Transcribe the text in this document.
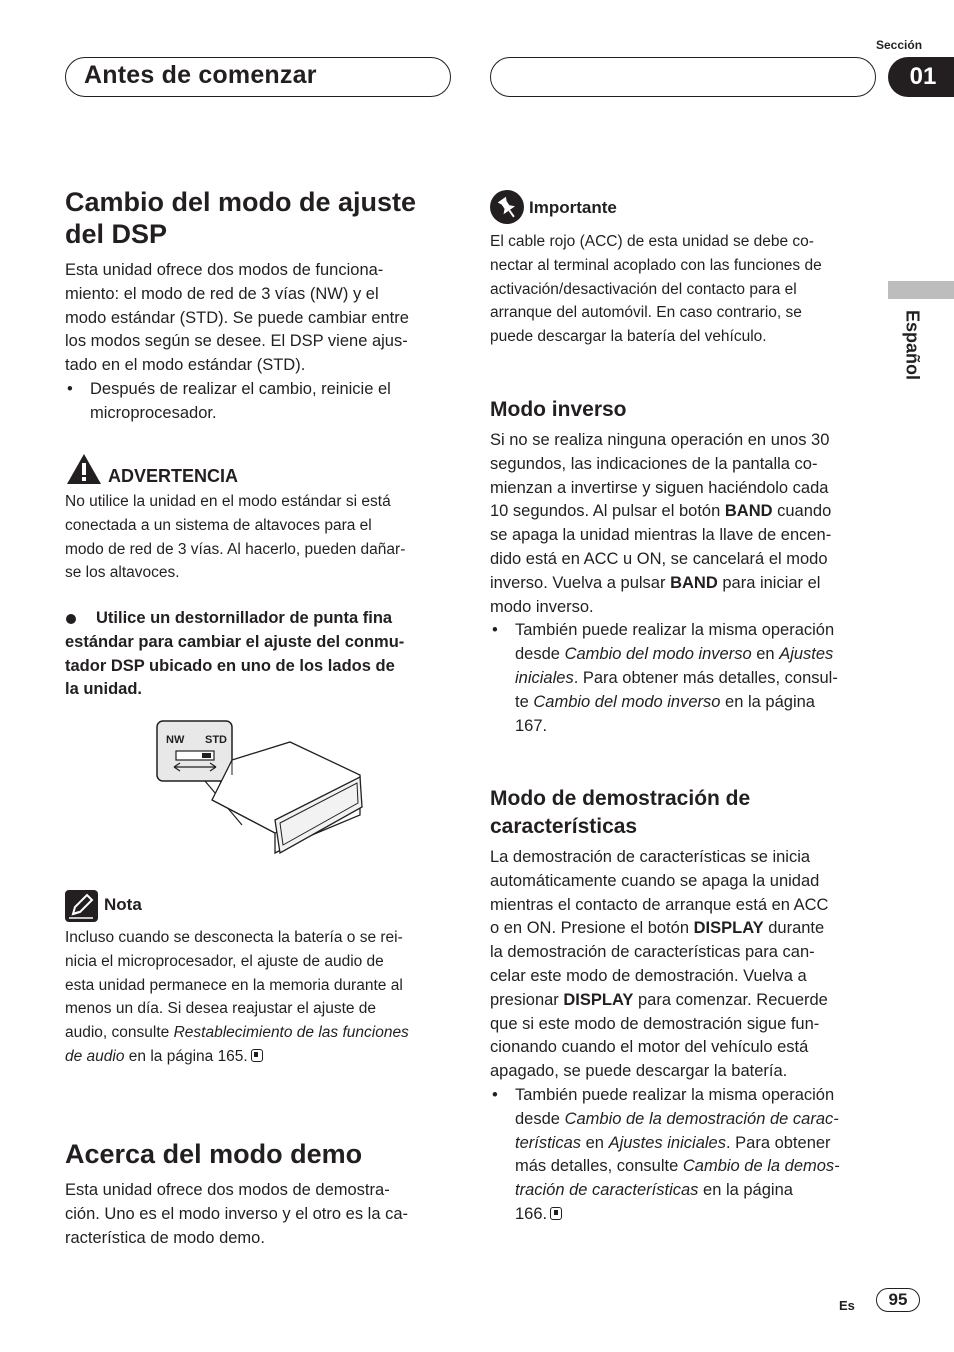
Sección
Antes de comenzar	01
Español
Cambio del modo de ajuste del DSP

Esta unidad ofrece dos modos de funciona-

miento: el modo de red de 3 vías (NW) y el

modo estándar (STD). Se puede cambiar entre

los modos según se desee. El DSP viene ajus-

tado en el modo estándar (STD).

• Después de realizar el cambio, reinicie el

microprocesador.

ADVERTENCIA

No utilice la unidad en el modo estándar si está

conectada a un sistema de altavoces para el

modo de red de 3 vías. Al hacerlo, pueden dañar-

se los altavoces.

Utilice un destornillador de punta fina

estándar para cambiar el ajuste del conmu-

tador DSP ubicado en uno de los lados de

la unidad.

NW STD
Nota

Incluso cuando se desconecta la batería o se rei-

nicia el microprocesador, el ajuste de audio de

esta unidad permanece en la memoria durante al

menos un día. Si desea reajustar el ajuste de

audio, consulte Restablecimiento de las funciones

de audio en la página 165.

Acerca del modo demo

Esta unidad ofrece dos modos de demostra-

ción. Uno es el modo inverso y el otro es la ca-

racterística de modo demo.

Importante

El cable rojo (ACC) de esta unidad se debe co-

nectar al terminal acoplado con las funciones de

activación/desactivación del contacto para el

arranque del automóvil. En caso contrario, se

puede descargar la batería del vehículo.

Modo inverso

Si no se realiza ninguna operación en unos 30

segundos, las indicaciones de la pantalla co-

mienzan a invertirse y siguen haciéndolo cada

10 segundos. Al pulsar el botón BAND cuando

se apaga la unidad mientras la llave de encen-

dido está en ACC u ON, se cancelará el modo

inverso. Vuelva a pulsar BAND para iniciar el

modo inverso.

• También puede realizar la misma operación

desde Cambio del modo inverso en Ajustes

iniciales. Para obtener más detalles, consul-

te Cambio del modo inverso en la página

167.

Modo de demostración de
características

La demostración de características se inicia

automáticamente cuando se apaga la unidad

mientras el contacto de arranque está en ACC

o en ON. Presione el botón DISPLAY durante

la demostración de características para can-

celar este modo de demostración. Vuelva a

presionar DISPLAY para comenzar. Recuerde

que si este modo de demostración sigue fun-

cionando cuando el motor del vehículo está

apagado, se puede descargar la batería.

• También puede realizar la misma operación

desde Cambio de la demostración de carac-

terísticas en Ajustes iniciales. Para obtener

más detalles, consulte Cambio de la demos-

tración de características en la página

166.

Es 95
